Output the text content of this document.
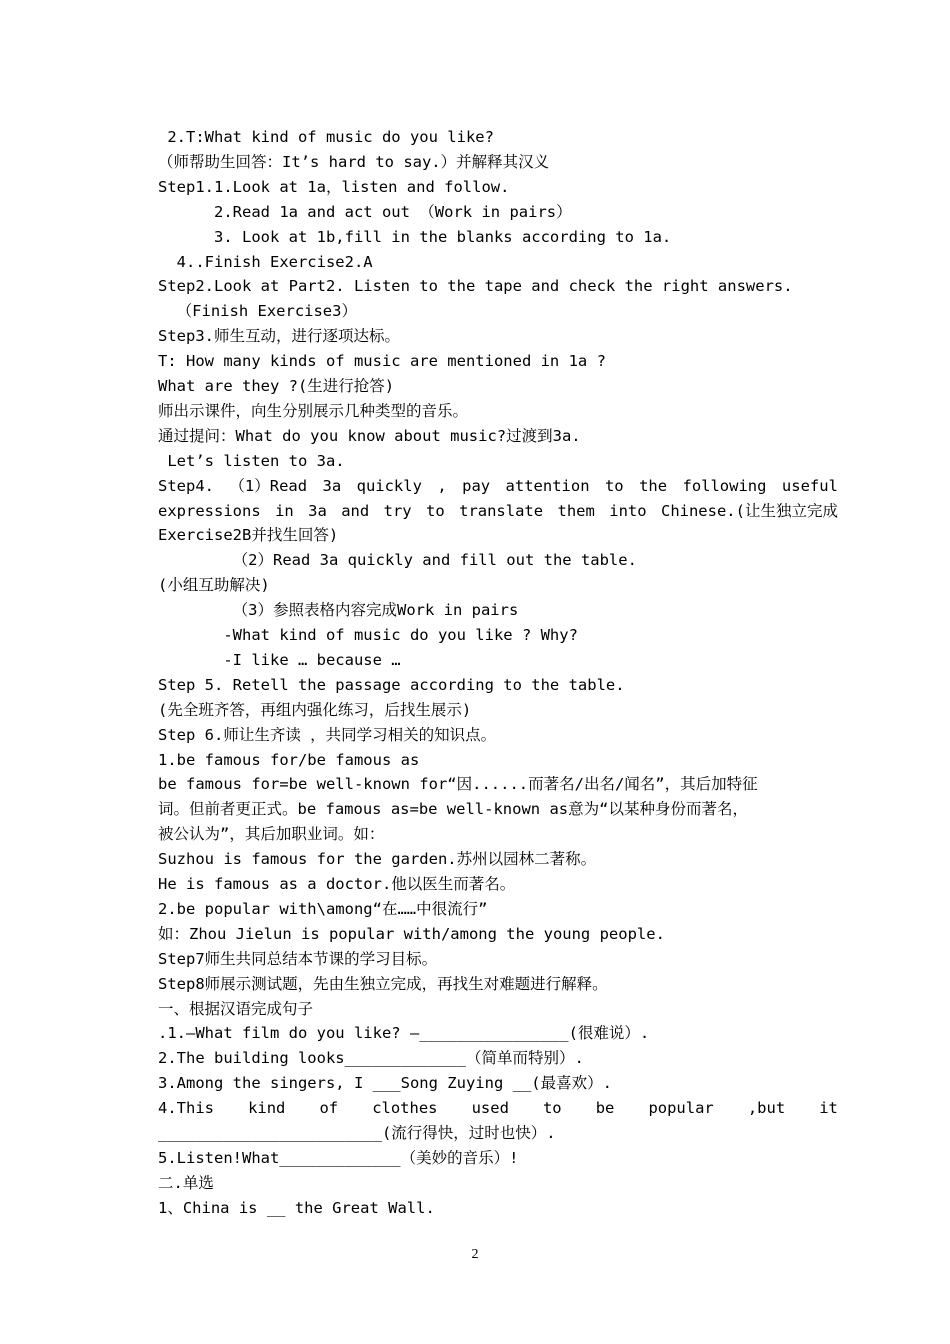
2.T:What kind of music do you like?
（师帮助生回答：It’s hard to say.）并解释其汉义
Step1.1.Look at 1a，listen and follow.
2.Read 1a and act out （Work in pairs）
3. Look at 1b,fill in the blanks according to 1a.
4..Finish Exercise2.A
Step2.Look at Part2. Listen to the tape and check the right answers.
（Finish Exercise3）
Step3.师生互动，进行逐项达标。
T: How many kinds of music are mentioned in 1a ?
What are they ?(生进行抢答)
师出示课件，向生分别展示几种类型的音乐。
通过提问：What do you know about music?过渡到3a.
Let’s listen to 3a.
Step4. （1）Read 3a quickly , pay attention to the following useful
expressions in 3a and try to translate them into Chinese.(让生独立完成
Exercise2B并找生回答)
（2）Read 3a quickly and fill out the table.
(小组互助解决)
（3）参照表格内容完成Work in pairs
-What kind of music do you like ? Why?
-I like … because …
Step 5. Retell the passage according to the table.
(先全班齐答，再组内强化练习，后找生展示)
Step 6.师让生齐读 ，共同学习相关的知识点。
1.be famous for/be famous as
be famous for=be well-known for“因......而著名/出名/闻名”，其后加特征
词。但前者更正式。be famous as=be well-known as意为“以某种身份而著名，
被公认为”，其后加职业词。如：
Suzhou is famous for the garden.苏州以园林二著称。
He is famous as a doctor.他以医生而著名。
2.be popular with\among“在……中很流行”
如：Zhou Jielun is popular with/among the young people.
Step7师生共同总结本节课的学习目标。
Step8师展示测试题，先由生独立完成，再找生对难题进行解释。
一、根据汉语完成句子
.1.—What film do you like? —________________(很难说）.
2.The building looks_____________（简单而特别）.
3.Among the singers, I ___Song Zuying __(最喜欢）.
4.This kind of clothes used to be popular ,but it
________________________(流行得快，过时也快）.
5.Listen!What_____________（美妙的音乐）!
二.单选
1、China is __ the Great Wall.
2
